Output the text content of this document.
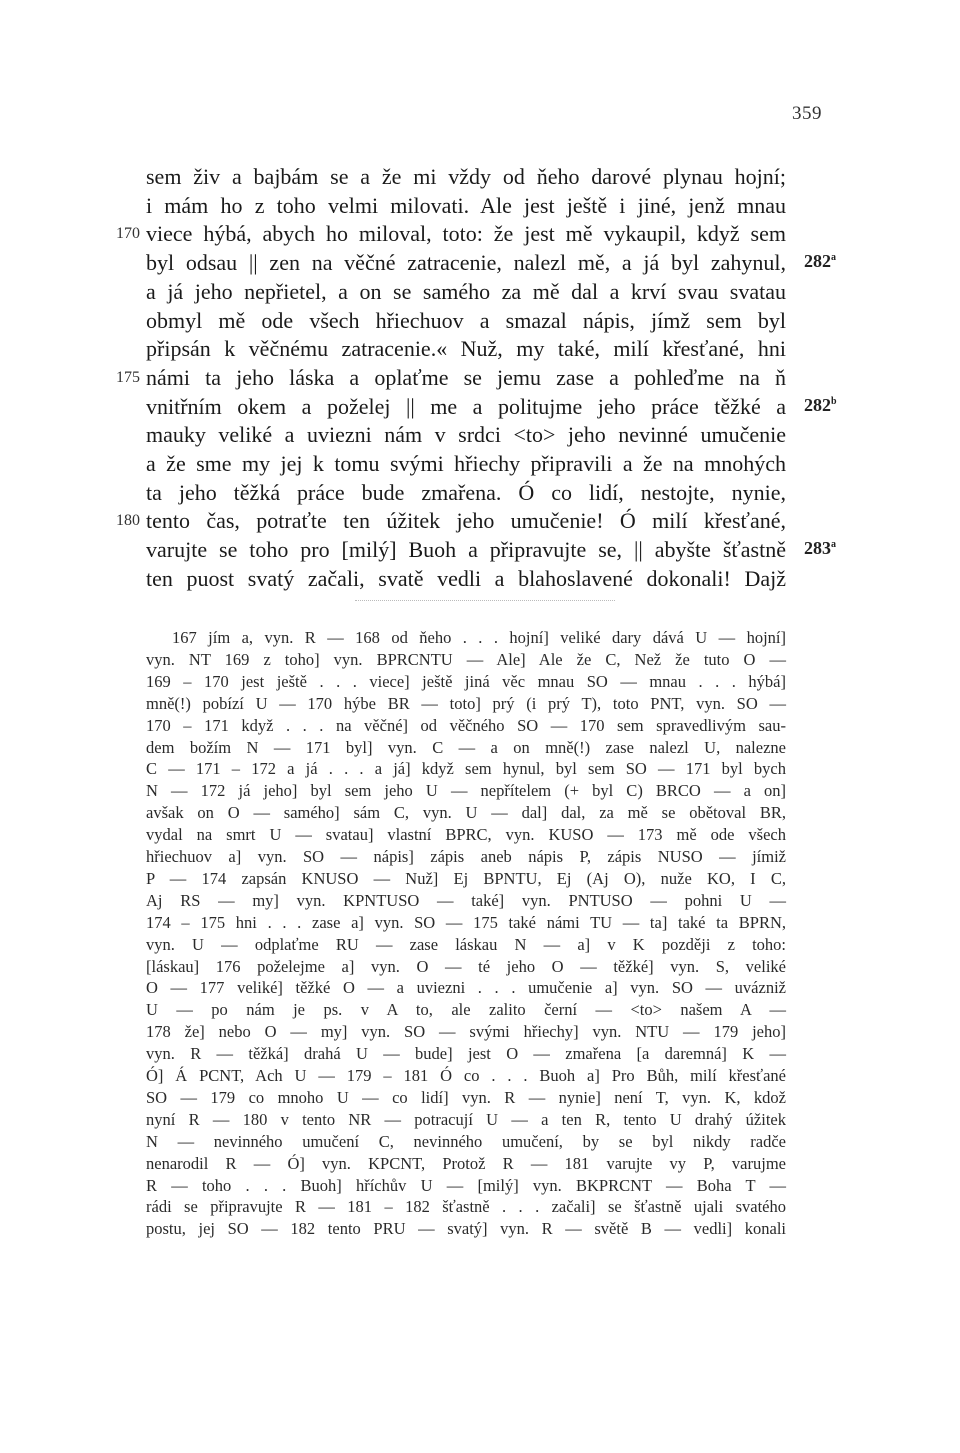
359
sem živ a bajbám se a že mi vždy od ňeho darové plynau hojní;
i mám ho z toho velmi milovati. Ale jest ještě i jiné, jenž mnau
170 viece hýbá, abych ho miloval, toto: že jest mě vykaupil, když sem
byl odsau || zen na věčné zatracenie, nalezl mě, a já byl zahynul,
a já jeho nepřietel, a on se samého za mě dal a krví svau svatau
obmyl mě ode všech hřiechuov a smazal nápis, jímž sem byl
připsán k věčnému zatracenie.« Nuž, my také, milí křesťané, hni
175 námi ta jeho láska a oplaťme se jemu zase a pohleďme na ň
vnitřním okem a poželej || me a politujme jeho práce těžké a
mauky veliké a uviezni nám v srdci <to> jeho nevinné umučenie
a že sme my jej k tomu svými hřiechy připravili a že na mnohých
ta jeho těžká práce bude zmařena. Ó co lidí, nestojte, nynie,
180 tento čas, potraťte ten úžitek jeho umučenie! Ó milí křesťané,
varujte se toho pro [milý] Buoh a připravujte se, || abyšte šťastně
ten puost svatý začali, svatě vedli a blahoslavené dokonali! Dajž
282$^a$
282$^b$
283$^a$
167 jím a, vyn. R — 168 od ňeho . . . hojní] veliké dary dává U — hojní]
vyn. NT 169 z toho] vyn. BPRCNTU — Ale] Ale že C, Než že tuto O —
169 – 170 jest ještě . . . viece] ještě jiná věc mnau SO — mnau . . . hýbá]
mně(!) pobízí U — 170 hýbe BR — toto] prý (i prý T), toto PNT, vyn. SO —
170 – 171 když . . . na věčné] od věčného SO — 170 sem spravedlivým sau-
dem božím N — 171 byl] vyn. C — a on mně(!) zase nalezl U, nalezne
C — 171 – 172 a já . . . a já] když sem hynul, byl sem SO — 171 byl bych
N — 172 já jeho] byl sem jeho U — nepřítelem (+ byl C) BRCO — a on]
avšak on O — samého] sám C, vyn. U — dal] dal, za mě se obětoval BR,
vydal na smrt U — svatau] vlastní BPRC, vyn. KUSO — 173 mě ode všech
hřiechuov a] vyn. SO — nápis] zápis aneb nápis P, zápis NUSO — jímiž
P — 174 zapsán KNUSO — Nuž] Ej BPNTU, Ej (Aj O), nuže KO, I C,
Aj RS — my] vyn. KPNTUSO — také] vyn. PNTUSO — pohni U —
174 – 175 hni . . . zase a] vyn. SO — 175 také námi TU — ta] také ta BPRN,
vyn. U — odplaťme RU — zase láskau N — a] v K později z toho:
[láskau] 176 poželejme a] vyn. O — té jeho O — těžké] vyn. S, veliké
O — 177 veliké] těžké O — a uviezni . . . umučenie a] vyn. SO — uvázniž
U — po nám je ps. v A to, ale zalito černí — <to> našem A —
178 že] nebo O — my] vyn. SO — svými hřiechy] vyn. NTU — 179 jeho]
vyn. R — těžká] drahá U — bude] jest O — zmařena [a daremná] K —
Ó] Á PCNT, Ach U — 179 – 181 Ó co . . . Buoh a] Pro Bůh, milí křesťané
SO — 179 co mnoho U — co lidí] vyn. R — nynie] není T, vyn. K, kdož
nyní R — 180 v tento NR — potracují U — a ten R, tento U drahý úžitek
N — nevinného umučení C, nevinného umučení, by se byl nikdy radče
nenarodil R — Ó] vyn. KPCNT, Protož R — 181 varujte vy P, varujme
R — toho . . . Buoh] hříchův U — [milý] vyn. BKPRCNT — Boha T —
rádi se připravujte R — 181 – 182 šťastně . . . začali] se šťastně ujali svatého
postu, jej SO — 182 tento PRU — svatý] vyn. R — světě B — vedli] konali
